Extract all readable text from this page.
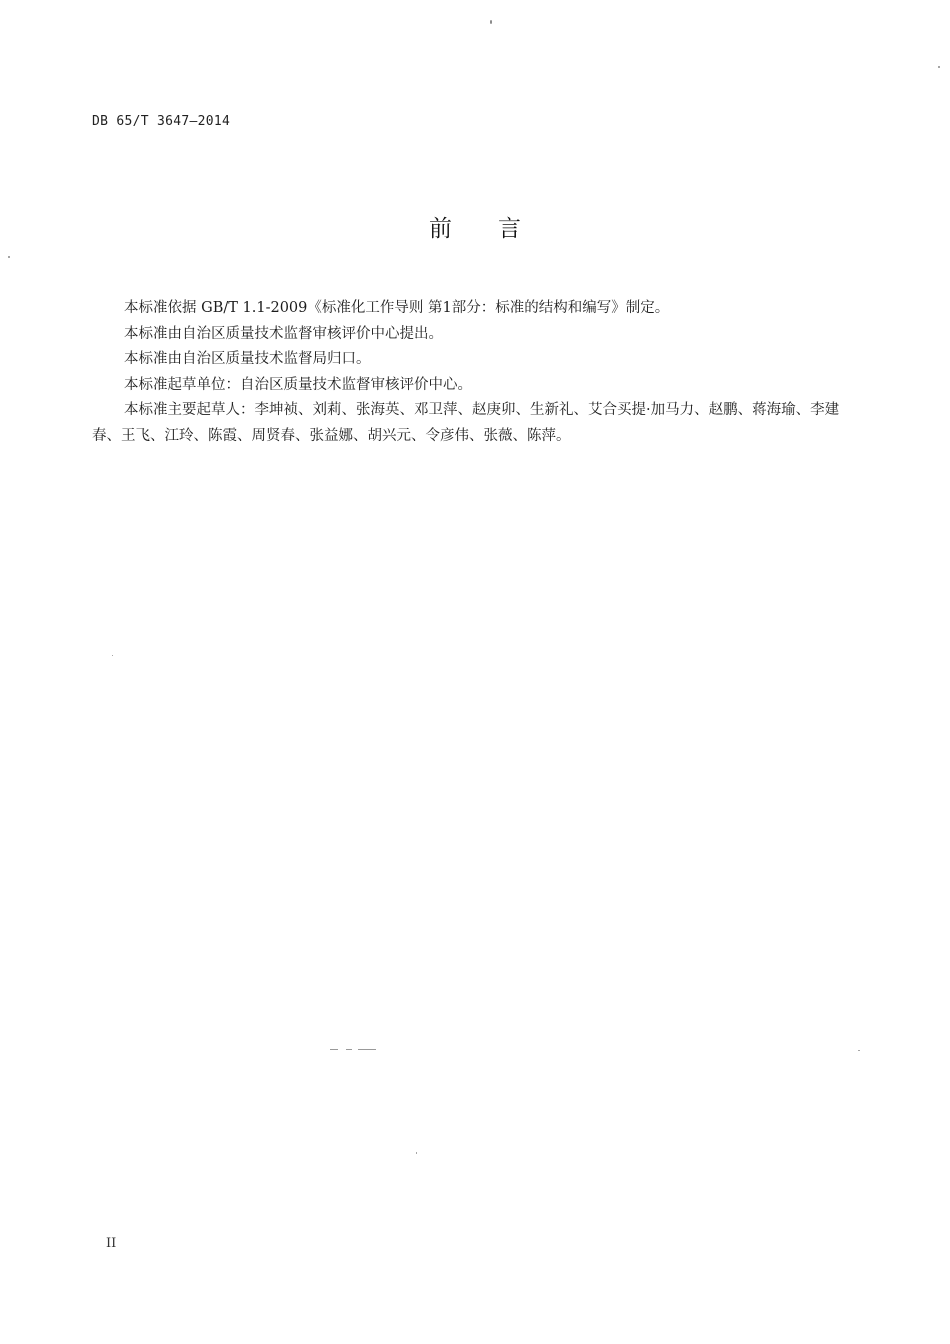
DB 65/T 3647—2014
前言

本标准依据 GB/T 1.1-2009《标准化工作导则 第1部分：标准的结构和编写》制定。

本标准由自治区质量技术监督审核评价中心提出。

本标准由自治区质量技术监督局归口。

本标准起草单位：自治区质量技术监督审核评价中心。

本标准主要起草人：李坤祯、刘莉、张海英、邓卫萍、赵庚卯、生新礼、艾合买提·加马力、赵鹏、蒋海瑜、李建春、王飞、江玲、陈霞、周贤春、张益娜、胡兴元、令彦伟、张薇、陈萍。

II
